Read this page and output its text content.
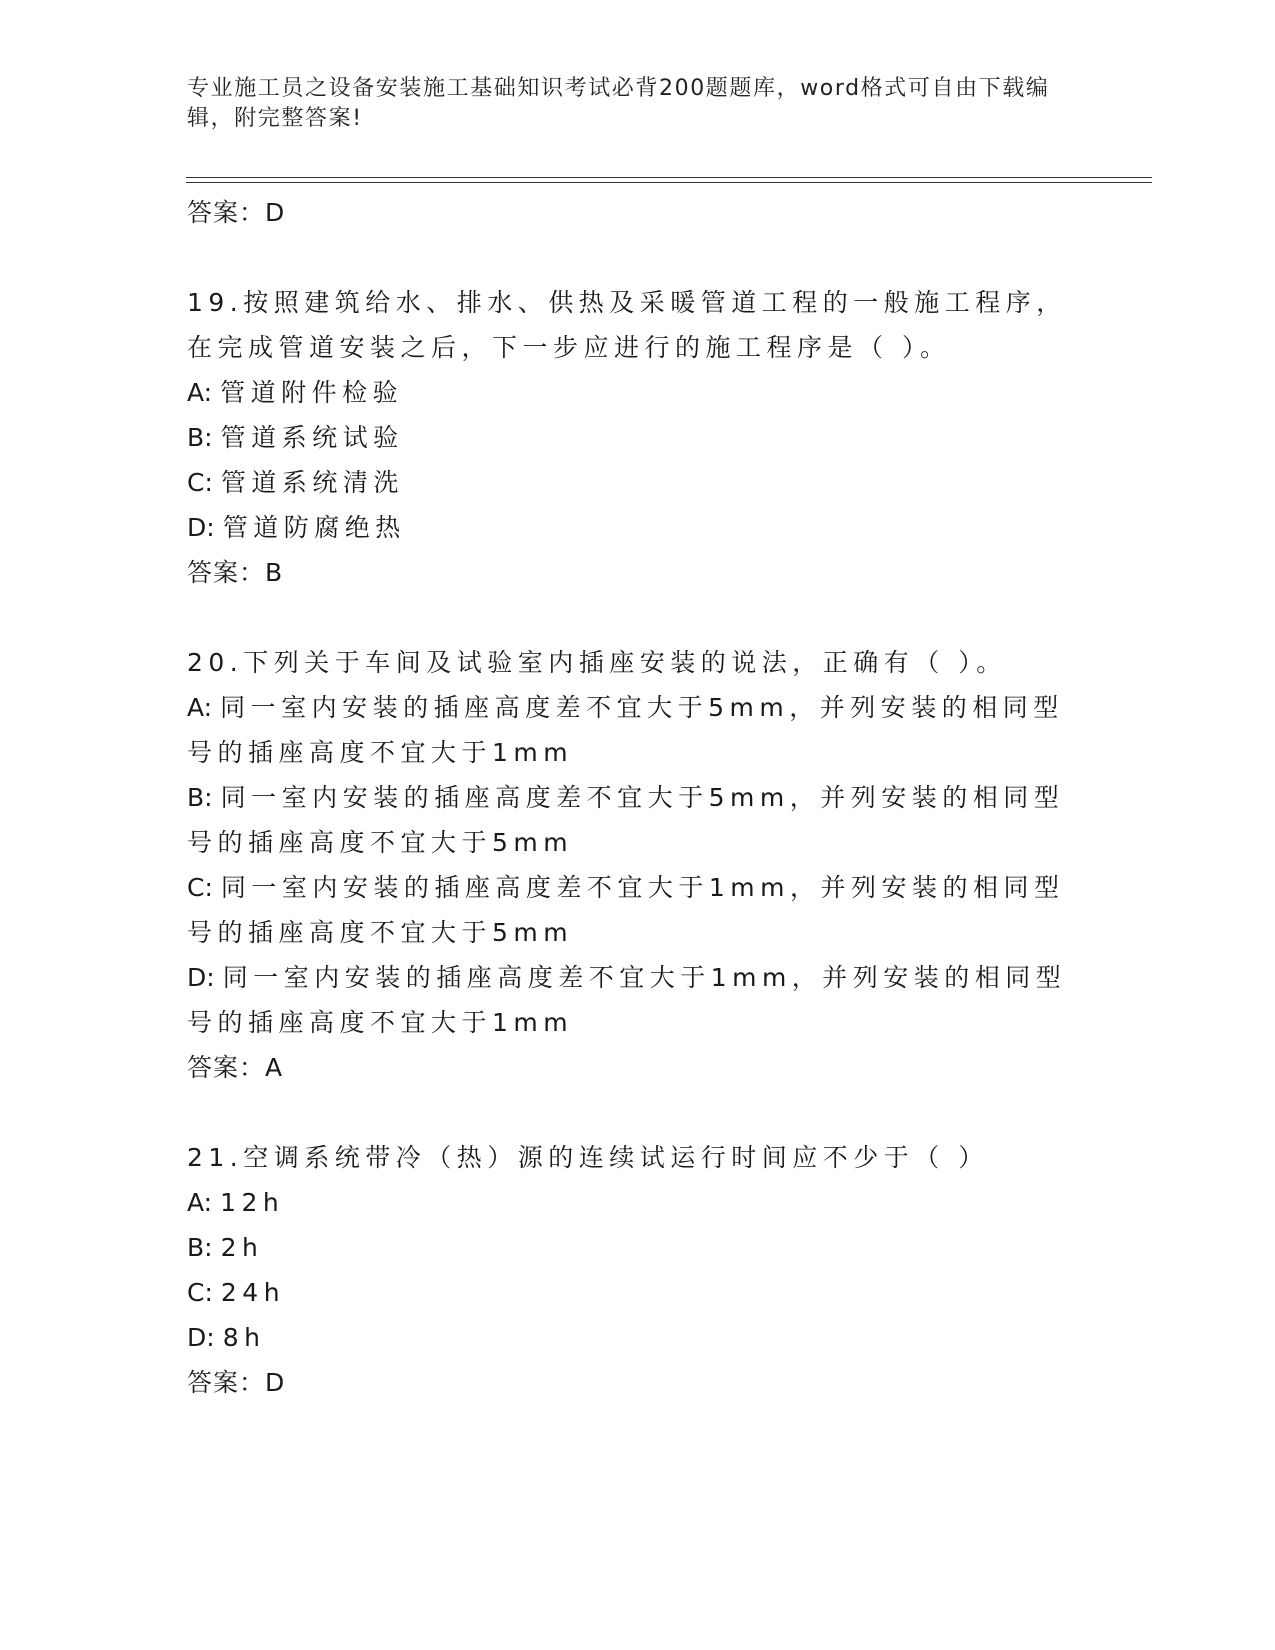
专业施工员之设备安装施工基础知识考试必背200题题库，word格式可自由下载编辑，附完整答案!

答案：D

19.按照建筑给水、排水、供热及采暖管道工程的一般施工程序，在完成管道安装之后，下一步应进行的施工程序是（ ）。

A: 管道附件检验

B: 管道系统试验

C: 管道系统清洗

D: 管道防腐绝热

答案：B

20.下列关于车间及试验室内插座安装的说法，正确有（ ）。

A: 同一室内安装的插座高度差不宜大于5mm，并列安装的相同型号的插座高度不宜大于1mm

B: 同一室内安装的插座高度差不宜大于5mm，并列安装的相同型号的插座高度不宜大于5mm

C: 同一室内安装的插座高度差不宜大于1mm，并列安装的相同型号的插座高度不宜大于5mm

D: 同一室内安装的插座高度差不宜大于1mm，并列安装的相同型号的插座高度不宜大于1mm

答案：A

21.空调系统带冷（热）源的连续试运行时间应不少于（ ）

A: 12h

B: 2h

C: 24h

D: 8h

答案：D
